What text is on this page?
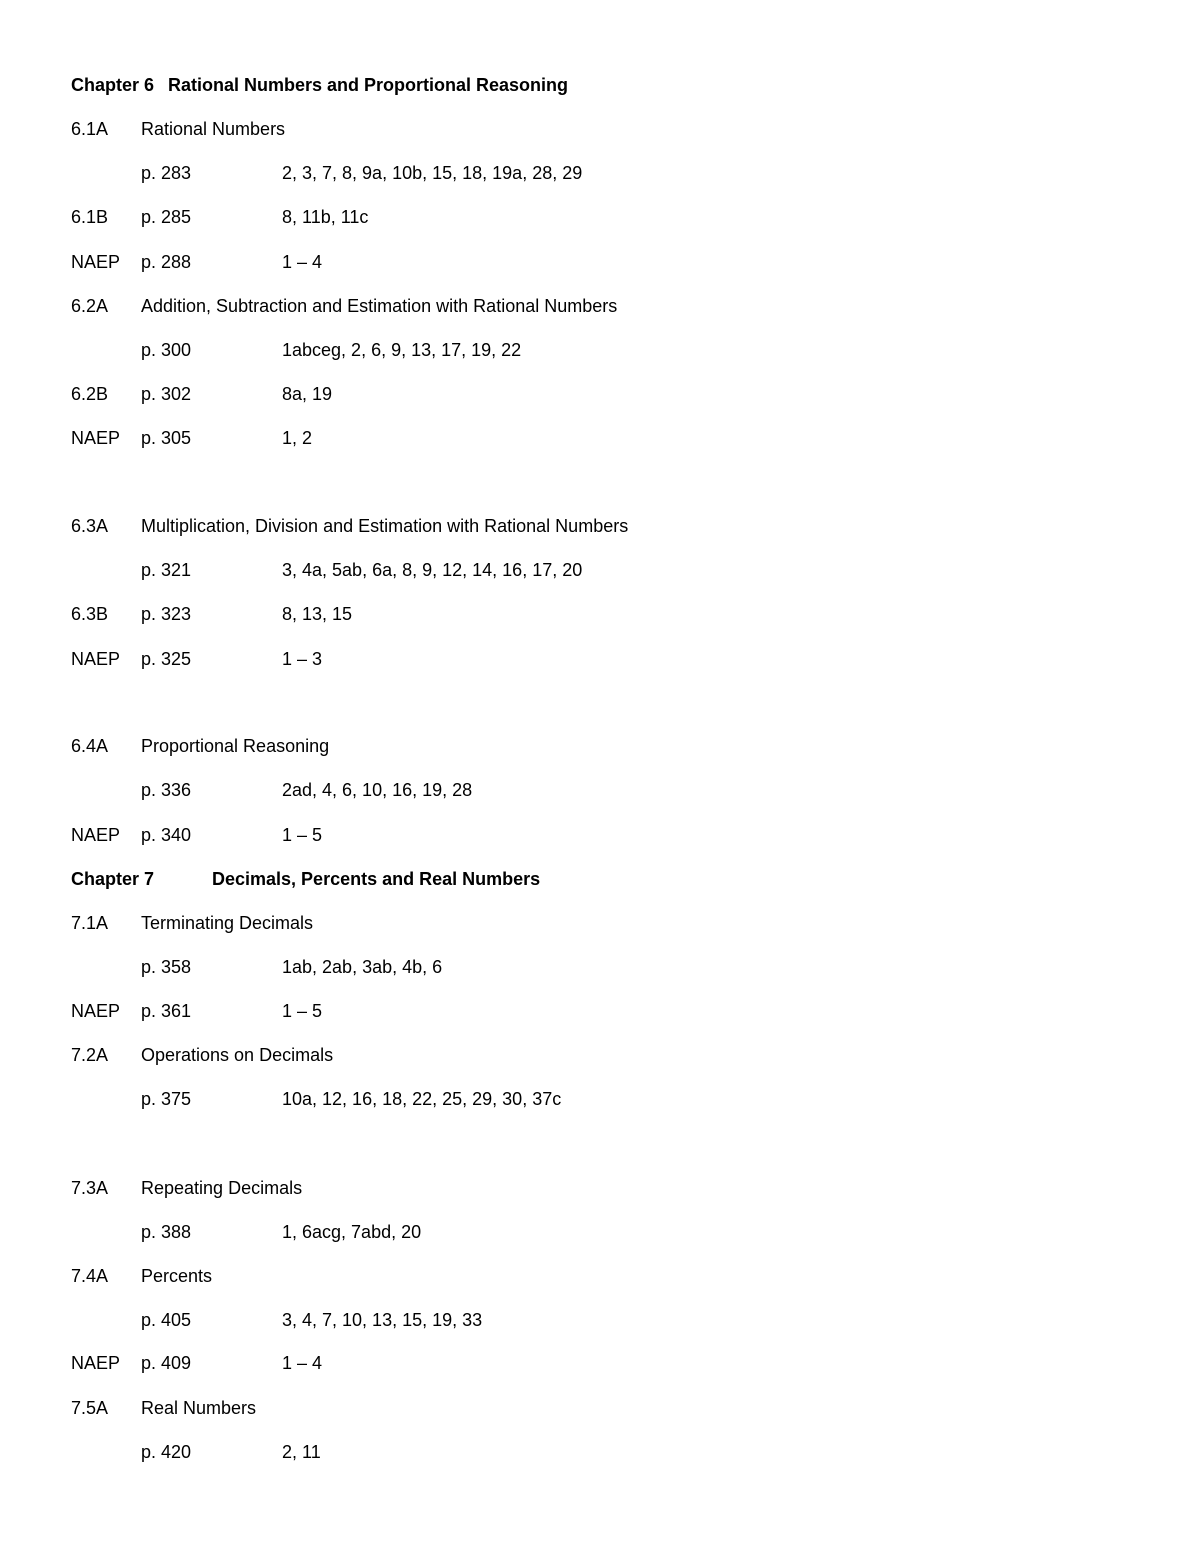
Chapter 6 Rational Numbers and Proportional Reasoning
6.1A Rational Numbers
p. 283	2, 3, 7, 8, 9a, 10b, 15, 18, 19a, 28, 29
6.1B p. 285	8, 11b, 11c
NAEP p. 288	1 – 4
6.2A Addition, Subtraction and Estimation with Rational Numbers
p. 300	1abceg, 2, 6, 9, 13, 17, 19, 22
6.2B p. 302	8a, 19
NAEP p. 305	1, 2
6.3A Multiplication, Division and Estimation with Rational Numbers
p. 321	3, 4a, 5ab, 6a, 8, 9, 12, 14, 16, 17, 20
6.3B p. 323	8, 13, 15
NAEP p. 325	1 – 3
6.4A Proportional Reasoning
p. 336	2ad, 4, 6, 10, 16, 19, 28
NAEP p. 340	1 – 5
Chapter 7	Decimals, Percents and Real Numbers
7.1A Terminating Decimals
p. 358	1ab, 2ab, 3ab, 4b, 6
NAEP p. 361	1 – 5
7.2A Operations on Decimals
p. 375	10a, 12, 16, 18, 22, 25, 29, 30, 37c
7.3A Repeating Decimals
p. 388	1, 6acg, 7abd, 20
7.4A Percents
p. 405	3, 4, 7, 10, 13, 15, 19, 33
NAEP p. 409	1 – 4
7.5A Real Numbers
p. 420	2, 11
